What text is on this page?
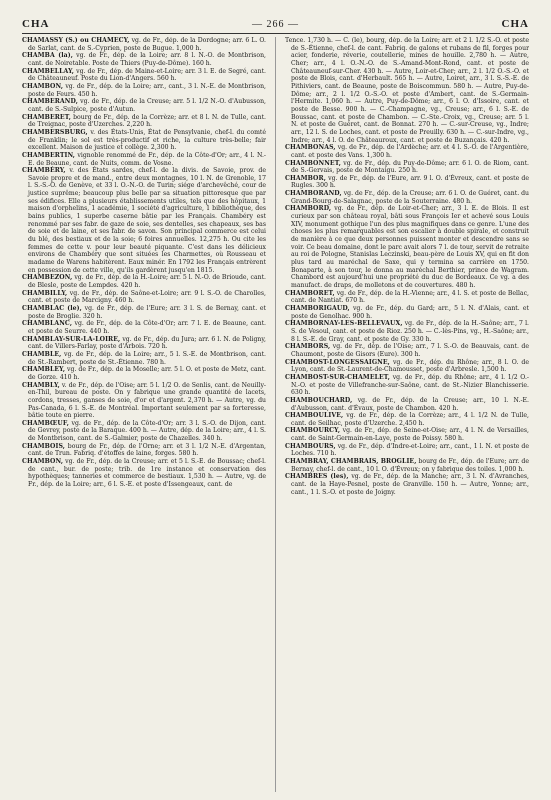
CHA	— 266 —	CHA

CHAMASSY (S.) ou CHAMECY, vg. de Fr., dép. de la Dordogne; arr. 6 L. O. de Sarlat, cant. de S.-Cyprien, poste de Bugue. 1,000 h.

CHAMBA (la), vg. de Fr., dép. de la Loire; arr. 8 l. N.-O. de Montbrison, cant. de Noiretable. Poste de Thiers (Puy-de-Dôme). 160 h.

CHAMBELLAY, vg. de Fr., dép. de Maine-et-Loire; arr. 3 l. E. de Segré, cant. de Châteauneuf. Poste du Lion-d'Angers. 560 h.

CHAMBON, vg. de Fr., dép. de la Loire; arr., cant., 3 l. N.-E. de Montbrison, poste de Feurs. 450 h.

CHAMBERAND, vg. de Fr., dép. de la Creuse; arr. 5 l. 1/2 N.-O. d'Aubusson, cant. de S.-Sulpice, poste d'Autun.

CHAMBERET, bourg de Fr., dép. de la Corrèze; arr. et 8 l. N. de Tulle, cant. de Treignac, poste d'Uzerches. 2,220 h.

CHAMBERSBURG, v. des États-Unis, État de Pensylvanie, chef-l. du comté de Franklin; le sol est très-productif et riche, la culture très-belle; fair excellent. Maison de justice et collège. 2,300 h.

CHAMBERTIN, vignoble renommé de Fr., dép. de la Côte-d'Or; arr., 4 l. N.-E. de Beaune, cant. de Nuits, comm. de Vosne.

CHAMBÉRY, v. des États sardes, chef-l. de la divis. de Savoie, prov. de Savoie propre et de mand., entre deux montagnes, 10 l. N. de Grenoble, 17 l. S.-S.-O. de Genève, et 33 l. O.-N.-O. de Turin; siége d'archevêché, cour de justice suprême; beaucoup plus belle par sa situation pittoresque que par ses édifices. Elle a plusieurs établissements utiles, tels que des hôpitaux, 1 maison d'orphelins, 1 académie, 1 société d'agriculture, 1 bibliothèque, des bains publics, 1 superbe caserne bâtie par les Français. Chambéry est renommé par ses fabr. de gaze de soie, ses dentelles, ses chapeaux, ses bas de soie et de laine, et ses fabr. de savon. Son principal commerce est celui du blé, des bestiaux et de la soie; 6 foires annuelles. 12,275 h. Ou cite les femmes de cette v. pour leur beauté piquante. C'est dans les délicieux environs de Chambéry que sont situées les Charmettes, où Rousseau et madame de Warens habitèrent. Eaux minér. En 1792 les Français entrèrent en possession de cette ville, qu'ils gardèrent jusqu'en 1815.

CHAMBEZON, vg. de Fr., dép. de la H.-Loire; arr. 5 l. N.-O. de Brioude, cant. de Blesle, poste de Lempdes. 420 h.

CHAMBILLY, vg. de Fr., dép. de Saône-et-Loire; arr. 9 l. S.-O. de Charolles, cant. et poste de Marcigny. 460 h.

CHAMBLAC (le), vg. de Fr., dép. de l'Eure; arr. 3 l. S. de Bernay, cant. et poste de Broglie. 320 h.

CHAMBLANC, vg. de Fr., dép. de la Côte-d'Or; arr. 7 l. E. de Beaune, cant. et poste de Seurre. 440 h.

CHAMBLAY-SUR-LA-LOIRE, vg. de Fr., dép. du Jura; arr. 6 l. N. de Poligny, cant. de Villers-Farlay, poste d'Arbois. 720 h.

CHAMBLE, vg. de Fr., dép. de la Loire; arr., 5 l. S.-E. de Montbrison, cant. de St.-Rambert, poste de St.-Étienne. 780 h.

CHAMBLEY, vg. de Fr., dép. de la Moselle; arr. 5 l. O. et poste de Metz, cant. de Gorze. 410 h.

CHAMBLY, v. de Fr., dép. de l'Oise; arr. 5 l. 1/2 O. de Senlis, cant. de Neuilly-en-Thil, bureau de poste. On y fabrique une grande quantité de lacets, cordons, tresses, ganses de soie, d'or et d'argent. 2,370 h. — Autre, vg. du Pas-Canada, 6 l. S.-E. de Montréal. Important seulement par sa forteresse, bâtie toute en pierre.

CHAMBŒUF, vg. de Fr., dép. de la Côte-d'Or; arr. 3 l. S.-O. de Dijon, cant. de Gevrey, poste de la Baraque. 400 h. — Autre, dép. de la Loire; arr., 4 l. S. de Montbrison, cant. de S.-Galmier, poste de Chazelles. 340 h.

CHAMBOIS, bourg de Fr., dép. de l'Orne; arr. et 3 l. 1/2 N.-E. d'Argentan, cant. de Trun. Fabriq. d'étoffes de laine, forges. 580 h.

CHAMBON, vg. de Fr., dép. de la Creuse; arr. et 5 l. S.-E. de Boussac; chef-l. de cant., bur. de poste; trib. de 1re instance et conservation des hypothèques; tanneries et commerce de bestiaux. 1,530 h. — Autre, vg. de Fr., dép. de la Loire; arr., 6 l. S.-E. et poste d'Issengeaux, cant. de

Tence. 1,730 h. — C. (le), bourg, dép. de la Loire; arr. et 2 l. 1/2 S.-O. et poste de S.-Étienne, chef-l. de cant. Fabriq. de galons et rubans de fil, forges pour acier, fonderie, réverie, coutellerie, mines de houille. 2,780 h. — Autre, Cher; arr., 4 l. O.-N.-O. de S.-Amand-Mont-Rond, cant. et poste de Châteauneuf-sur-Cher. 430 h. — Autre, Loir-et-Cher; arr., 2 l. 1/2 O.-S.-O. et poste de Blois, cant. d'Herbault. 565 h. — Autre, Loiret, arr., 3 l. S.-S.-E. de Pithiviers, cant. de Beaune, poste de Boiscommun. 580 h. — Autre, Puy-de-Dôme; arr., 2 l. 1/2 O.-S.-O. et poste d'Ambert, cant. de S.-Germain-l'Hermite. 1,060 h. — Autre, Puy-de-Dôme; arr., 6 l. O. d'Issoire, cant. et poste de Besse. 900 h. — C.-Champagne, vg., Creuse; arr., 6 l. S.-E. de Boussac, cant. et poste de Chambon. — C.-Ste.-Croix, vg., Creuse; arr. 5 l. N. et poste de Guéret, cant. de Bonnat. 270 h. — C.-sur-Creuse, vg., Indre; arr., 12 l. S. de Loches, cant. et poste de Preuilly. 630 h. — C.-sur-Indre, vg., Indre; arr., 4 l. O. de Châteauroux, cant. et poste de Buzançais. 420 h.

CHAMBONAS, vg. de Fr., dép. de l'Ardèche; arr. et 4 l. S.-O. de l'Argentière, cant. et poste des Vans. 1,300 h.

CHAMBONNET, vg. de Fr., dép. du Puy-de-Dôme; arr. 6 l. O. de Riom, cant. de S.-Gervais, poste de Montaigu. 250 h.

CHAMBOR, vg. de Fr., dép. de l'Eure, arr. 9 l. O. d'Évreux, cant. et poste de Rugles. 300 h.

CHAMBORAND, vg. de Fr., dép. de la Creuse; arr. 6 l. O. de Guéret, cant. du Grand-Bourg-de-Salagnac, poste de la Souterraine. 480 h.

CHAMBORD, vg. de Fr., dép. de Loir-et-Cher; arr., 3 l. E. de Blois. Il est curieux par son château royal, bâti sous François Ier et achevé sous Louis XIV, monument gothique l'un des plus magnifiques dans ce genre. L'une des choses les plus remarquables est son escalier à double spirale, et construit de manière à ce que deux personnes puissent monter et descendre sans se voir. Ce beau domaine, dont le parc avait alors 7 l. de tour, servit de retraite au roi de Pologne, Stanislas Leczinski, beau-père de Louis XV, qui en fit don plus tard au maréchal de Saxe, qui y termina sa carrière en 1750. Bonaparte, à son tour, le donna au maréchal Berthier, prince de Wagram. Chambord est aujourd'hui une propriété du duc de Bordeaux. Ce vg. a des manufact. de draps, de molletons et de couvertures. 480 h.

CHAMBORET, vg. de Fr., dép. de la H.-Vienne; arr., 4 l. S. et poste de Bellac, cant. de Nantiat. 670 h.

CHAMBORIGAUD, vg. de Fr., dép. du Gard; arr., 5 l. N. d'Alais, cant. et poste de Genolhac. 900 h.

CHAMBORNAY-LES-BELLEVAUX, vg. de Fr., dép. de la H.-Saône; arr., 7 l. S. de Vesoul, cant. et poste de Rioz. 250 h. — C.-lès-Pins, vg., H.-Saône; arr., 8 l. S.-E. de Gray, cant. et poste de Gy. 330 h.

CHAMBORS, vg. de Fr., dép. de l'Oise; arr., 7 l. S.-O. de Beauvais, cant. de Chaumont, poste de Gisors (Eure). 300 h.

CHAMBOST-LONGESSAIGNE, vg. de Fr., dép. du Rhône; arr., 8 l. O. de Lyon, cant. de St.-Laurent-de-Chamousset, poste d'Arbresle. 1,500 h.

CHAMBOST-SUR-CHAMELET, vg. de Fr., dép. du Rhône; arr., 4 l. 1/2 O.-N.-O. et poste de Villefranche-sur-Saône, cant. de St.-Nizier Blanchisserie. 630 h.

CHAMBOUCHARD, vg. de Fr., dép. de la Creuse; arr., 10 l. N.-E. d'Aubusson, cant. d'Évaux, poste de Chambon. 420 h.

CHAMBOULIVE, vg. de Fr., dép. de la Corrèze; arr., 4 l. 1/2 N. de Tulle, cant. de Seilhac, poste d'Uzerche. 2,450 h.

CHAMBOURCY, vg. de Fr., dép. de Seine-et-Oise; arr., 4 l. N. de Versailles, cant. de Saint-Germain-en-Laye, poste de Poissy. 580 h.

CHAMBOURS, vg. de Fr., dép. d'Indre-et-Loire; arr., cant., 1 l. N. et poste de Loches. 710 h.

CHAMBRAY, CHAMBRAIS, BROGLIE, bourg de Fr., dép. de l'Eure; arr. de Bernay, chef-l. de cant., 10 l. O. d'Évreux; on y fabrique des toiles. 1,000 h.

CHAMBRES (les), vg. de Fr., dép. de la Manche; arr., 3 l. N. d'Avranches, cant. de la Haye-Pesnel, poste de Granville. 150 h. — Autre, Yonne; arr., cant., 1 l. S.-O. et poste de Joigny.
